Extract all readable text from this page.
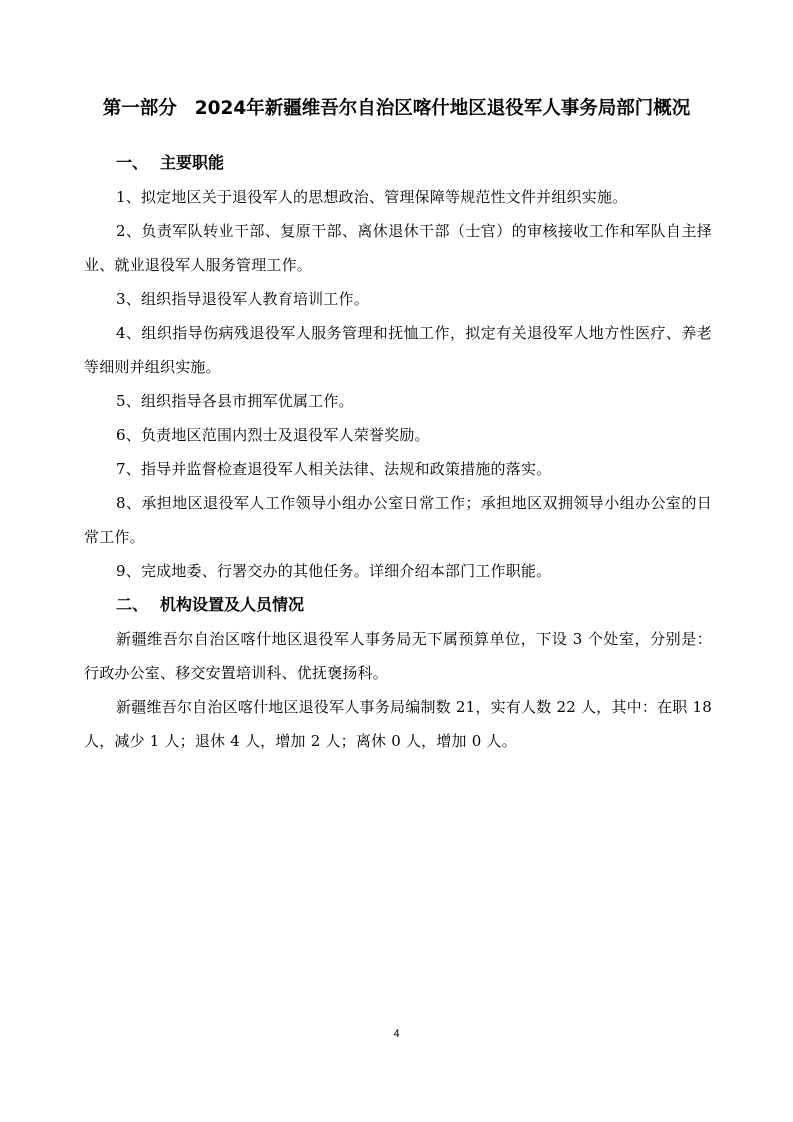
第一部分 2024年新疆维吾尔自治区喀什地区退役军人事务局部门概况
一、 主要职能

1、拟定地区关于退役军人的思想政治、管理保障等规范性文件并组织实施。

2、负责军队转业干部、复原干部、离休退休干部（士官）的审核接收工作和军队自主择业、就业退役军人服务管理工作。

3、组织指导退役军人教育培训工作。

4、组织指导伤病残退役军人服务管理和抚恤工作，拟定有关退役军人地方性医疗、养老等细则并组织实施。

5、组织指导各县市拥军优属工作。

6、负责地区范围内烈士及退役军人荣誉奖励。

7、指导并监督检查退役军人相关法律、法规和政策措施的落实。

8、承担地区退役军人工作领导小组办公室日常工作；承担地区双拥领导小组办公室的日常工作。

9、完成地委、行署交办的其他任务。详细介绍本部门工作职能。

二、 机构设置及人员情况

新疆维吾尔自治区喀什地区退役军人事务局无下属预算单位，下设 3 个处室，分别是：行政办公室、移交安置培训科、优抚褒扬科。

新疆维吾尔自治区喀什地区退役军人事务局编制数 21，实有人数 22 人，其中：在职 18 人，减少 1 人；退休 4 人，增加 2 人；离休 0 人，增加 0 人。

4
